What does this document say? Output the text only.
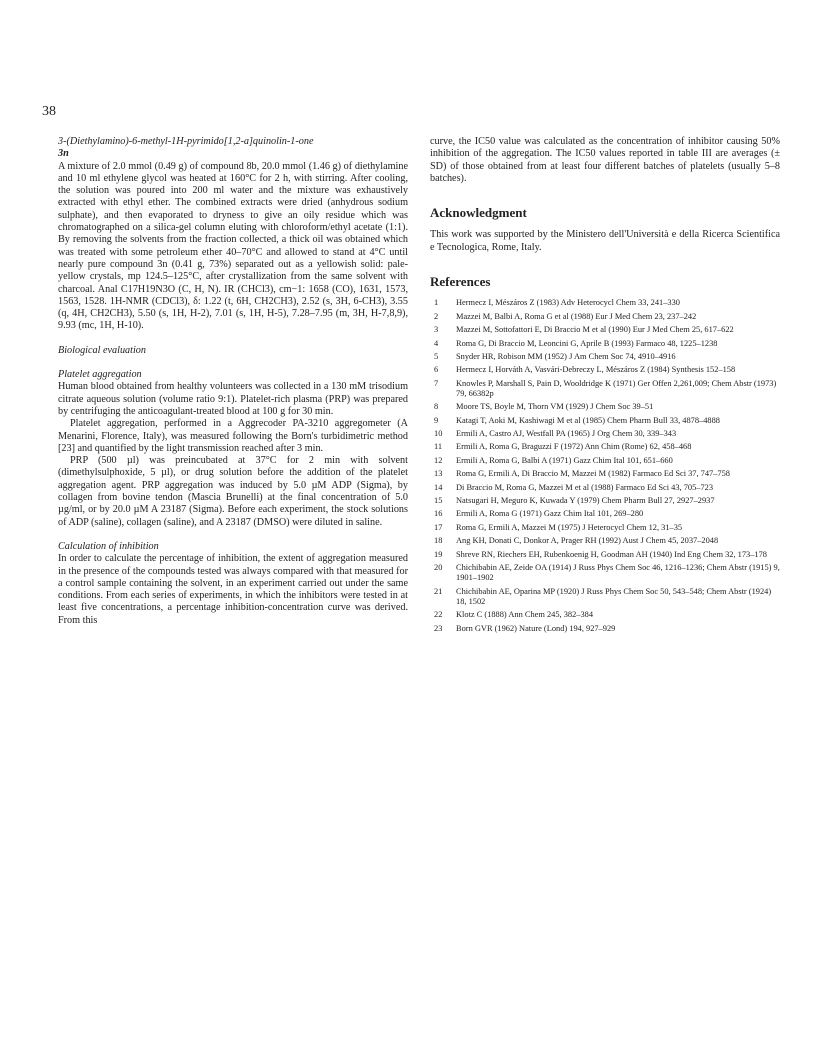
38

3-(Diethylamino)-6-methyl-1H-pyrimido[1,2-a]quinolin-1-one

3n

A mixture of 2.0 mmol (0.49 g) of compound 8b, 20.0 mmol (1.46 g) of diethylamine and 10 ml ethylene glycol was heated at 160°C for 2 h, with stirring. After cooling, the solution was poured into 200 ml water and the mixture was exhaustively extracted with ethyl ether. The combined extracts were dried (anhydrous sodium sulphate), and then evaporated to dryness to give an oily residue which was chromatographed on a silica-gel column eluting with chloroform/ethyl acetate (1:1). By removing the solvents from the fraction collected, a thick oil was obtained which was treated with some petroleum ether 40–70°C and allowed to stand at 4°C until nearly pure compound 3n (0.41 g, 73%) separated out as a yellowish solid: pale-yellow crystals, mp 124.5–125°C, after crystallization from the same solvent with charcoal. Anal C17H19N3O (C, H, N). IR (CHCl3), cm−1: 1658 (CO), 1631, 1573, 1563, 1528. 1H-NMR (CDCl3), δ: 1.22 (t, 6H, CH2CH3), 2.52 (s, 3H, 6-CH3), 3.55 (q, 4H, CH2CH3), 5.50 (s, 1H, H-2), 7.01 (s, 1H, H-5), 7.28–7.95 (m, 3H, H-7,8,9), 9.93 (mc, 1H, H-10).

Biological evaluation

Platelet aggregation

Human blood obtained from healthy volunteers was collected in a 130 mM trisodium citrate aqueous solution (volume ratio 9:1). Platelet-rich plasma (PRP) was prepared by centrifuging the anticoagulant-treated blood at 100 g for 30 min.

Platelet aggregation, performed in a Aggrecoder PA-3210 aggregometer (A Menarini, Florence, Italy), was measured following the Born's turbidimetric method [23] and quantified by the light transmission reached after 3 min.

PRP (500 µl) was preincubated at 37°C for 2 min with solvent (dimethylsulphoxide, 5 µl), or drug solution before the addition of the platelet aggregation agent. PRP aggregation was induced by 5.0 µM ADP (Sigma), by collagen from bovine tendon (Mascia Brunelli) at the final concentration of 5.0 µg/ml, or by 20.0 µM A 23187 (Sigma). Before each experiment, the stock solutions of ADP (saline), collagen (saline), and A 23187 (DMSO) were diluted in saline.

Calculation of inhibition

In order to calculate the percentage of inhibition, the extent of aggregation measured in the presence of the compounds tested was always compared with that measured for a control sample containing the solvent, in an experiment carried out under the same conditions. From each series of experiments, in which the inhibitors were tested in at least five concentrations, a percentage inhibition-concentration curve was derived. From this

curve, the IC50 value was calculated as the concentration of inhibitor causing 50% inhibition of the aggregation. The IC50 values reported in table III are averages (± SD) of those obtained from at least four different batches of platelets (usually 5–8 batches).

Acknowledgment

This work was supported by the Ministero dell'Università e della Ricerca Scientifica e Tecnologica, Rome, Italy.

References
1	Hermecz I, Mészáros Z (1983) Adv Heterocycl Chem 33, 241–330
2	Mazzei M, Balbi A, Roma G et al (1988) Eur J Med Chem 23, 237–242
3	Mazzei M, Sottofattori E, Di Braccio M et al (1990) Eur J Med Chem 25, 617–622
4	Roma G, Di Braccio M, Leoncini G, Aprile B (1993) Farmaco 48, 1225–1238
5	Snyder HR, Robison MM (1952) J Am Chem Soc 74, 4910–4916
6	Hermecz I, Horváth A, Vasvári-Debreczy L, Mészáros Z (1984) Synthesis 152–158
7	Knowles P, Marshall S, Pain D, Wooldridge K (1971) Ger Offen 2,261,009; Chem Abstr (1973) 79, 66382p
8	Moore TS, Boyle M, Thorn VM (1929) J Chem Soc 39–51
9	Katagi T, Aoki M, Kashiwagi M et al (1985) Chem Pharm Bull 33, 4878–4888
10	Ermili A, Castro AJ, Westfall PA (1965) J Org Chem 30, 339–343
11	Ermili A, Roma G, Braguzzi F (1972) Ann Chim (Rome) 62, 458–468
12	Ermili A, Roma G, Balbi A (1971) Gazz Chim Ital 101, 651–660
13	Roma G, Ermili A, Di Braccio M, Mazzei M (1982) Farmaco Ed Sci 37, 747–758
14	Di Braccio M, Roma G, Mazzei M et al (1988) Farmaco Ed Sci 43, 705–723
15	Natsugari H, Meguro K, Kuwada Y (1979) Chem Pharm Bull 27, 2927–2937
16	Ermili A, Roma G (1971) Gazz Chim Ital 101, 269–280
17	Roma G, Ermili A, Mazzei M (1975) J Heterocycl Chem 12, 31–35
18	Ang KH, Donati C, Donkor A, Prager RH (1992) Aust J Chem 45, 2037–2048
19	Shreve RN, Riechers EH, Rubenkoenig H, Goodman AH (1940) Ind Eng Chem 32, 173–178
20	Chichibabin AE, Zeide OA (1914) J Russ Phys Chem Soc 46, 1216–1236; Chem Abstr (1915) 9, 1901–1902
21	Chichibabin AE, Oparina MP (1920) J Russ Phys Chem Soc 50, 543–548; Chem Abstr (1924) 18, 1502
22	Klotz C (1888) Ann Chem 245, 382–384
23	Born GVR (1962) Nature (Lond) 194, 927–929
